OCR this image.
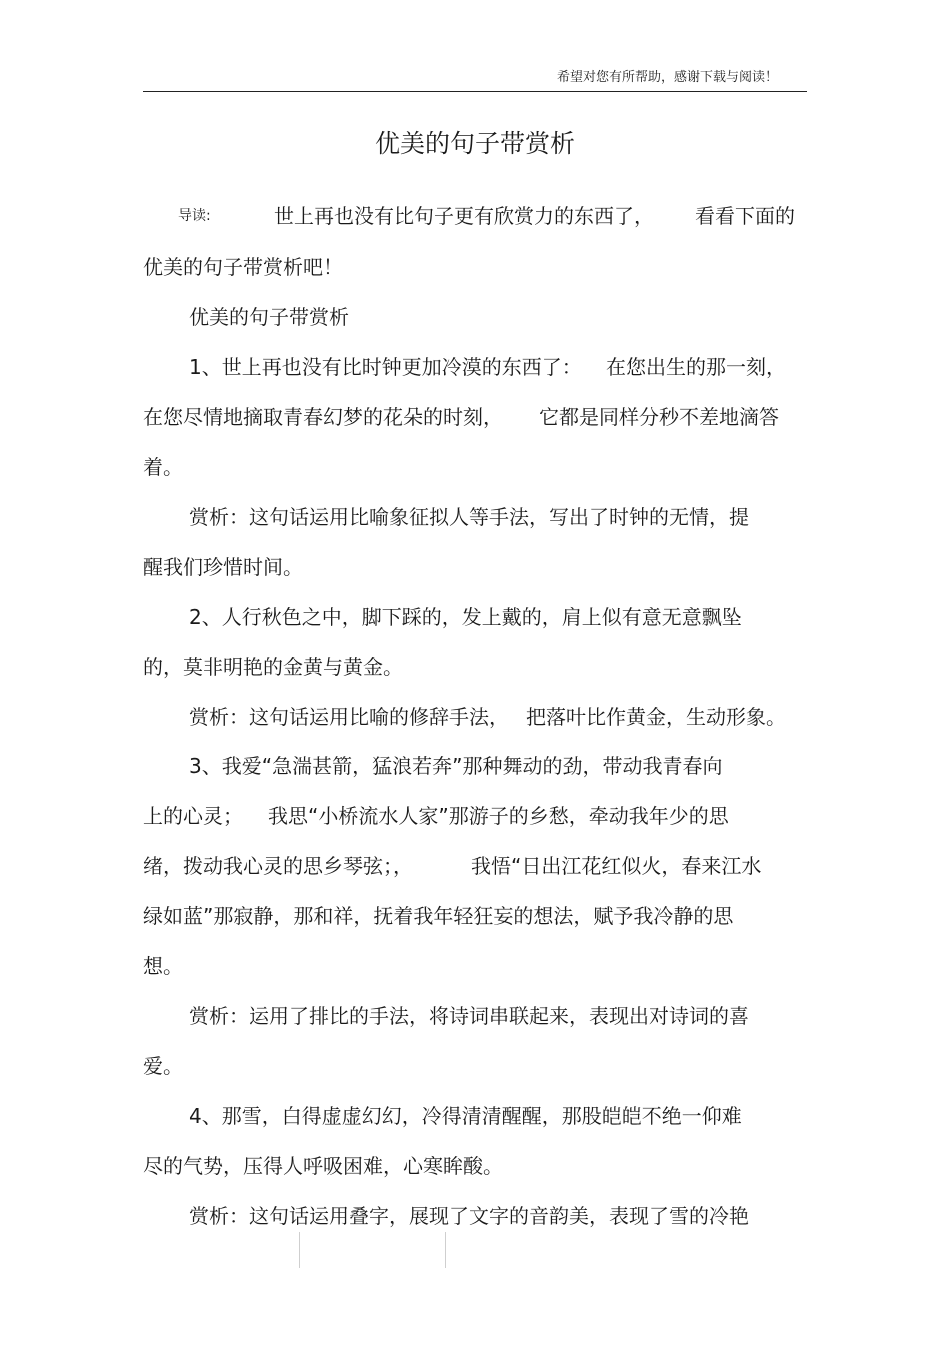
希望对您有所帮助，感谢下载与阅读！
优美的句子带赏析
导读:	世上再也没有比句子更有欣赏力的东西了， 看看下面的
优美的句子带赏析吧！
优美的句子带赏析
1、世上再也没有比时钟更加冷漠的东西了： 在您出生的那一刻，
在您尽情地摘取青春幻梦的花朵的时刻， 它都是同样分秒不差地滴答
着。
赏析：这句话运用比喻象征拟人等手法，写出了时钟的无情，提
醒我们珍惜时间。
2、人行秋色之中，脚下踩的，发上戴的，肩上似有意无意飘坠
的，莫非明艳的金黄与黄金。
赏析：这句话运用比喻的修辞手法， 把落叶比作黄金，生动形象。
3、我爱“急湍甚箭，猛浪若奔”那种舞动的劲，带动我青春向
上的心灵； 我思“小桥流水人家”那游子的乡愁，牵动我年少的思
绪，拨动我心灵的思乡琴弦；，	我悟“日出江花红似火，春来江水
绿如蓝”那寂静，那和祥，抚着我年轻狂妄的想法，赋予我冷静的思
想。
赏析：运用了排比的手法，将诗词串联起来，表现出对诗词的喜
爱。
4、那雪，白得虚虚幻幻，冷得清清醒醒，那股皑皑不绝一仰难
尽的气势，压得人呼吸困难，心寒眸酸。
赏析：这句话运用叠字，展现了文字的音韵美，表现了雪的冷艳
